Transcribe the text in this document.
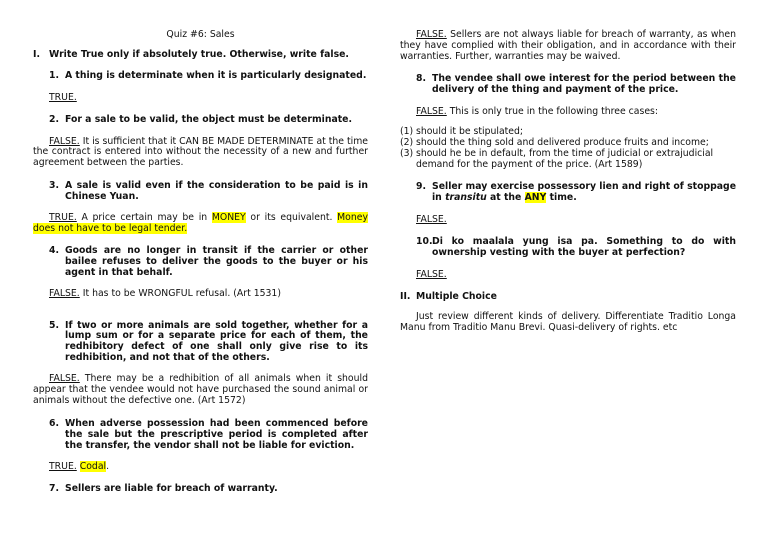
Quiz #6: Sales

I. Write True only if absolutely true. Otherwise, write false.
1. A thing is determinate when it is particularly designated.

TRUE.

2. For a sale to be valid, the object must be determinate.

FALSE. It is sufficient that it CAN BE MADE DETERMINATE at the time the contract is entered into without the necessity of a new and further agreement between the parties.

3. A sale is valid even if the consideration to be paid is in Chinese Yuan.

TRUE. A price certain may be in MONEY or its equivalent. Money does not have to be legal tender.

4. Goods are no longer in transit if the carrier or other bailee refuses to deliver the goods to the buyer or his agent in that behalf.

FALSE. It has to be WRONGFUL refusal. (Art 1531)

5. If two or more animals are sold together, whether for a lump sum or for a separate price for each of them, the redhibitory defect of one shall only give rise to its redhibition, and not that of the others.

FALSE. There may be a redhibition of all animals when it should appear that the vendee would not have purchased the sound animal or animals without the defective one. (Art 1572)

6. When adverse possession had been commenced before the sale but the prescriptive period is completed after the transfer, the vendor shall not be liable for eviction.

TRUE. Codal.

7. Sellers are liable for breach of warranty.

FALSE. Sellers are not always liable for breach of warranty, as when they have complied with their obligation, and in accordance with their warranties. Further, warranties may be waived.

8. The vendee shall owe interest for the period between the delivery of the thing and payment of the price.

FALSE. This is only true in the following three cases:

(1) should it be stipulated;
(2) should the thing sold and delivered produce fruits and income;
(3) should he be in default, from the time of judicial or extrajudicial demand for the payment of the price. (Art 1589)
9. Seller may exercise possessory lien and right of stoppage in transitu at the ANY time.

FALSE.

10. Di ko maalala yung isa pa. Something to do with ownership vesting with the buyer at perfection?

FALSE.

II. Multiple Choice

Just review different kinds of delivery. Differentiate Traditio Longa Manu from Traditio Manu Brevi. Quasi-delivery of rights. etc
